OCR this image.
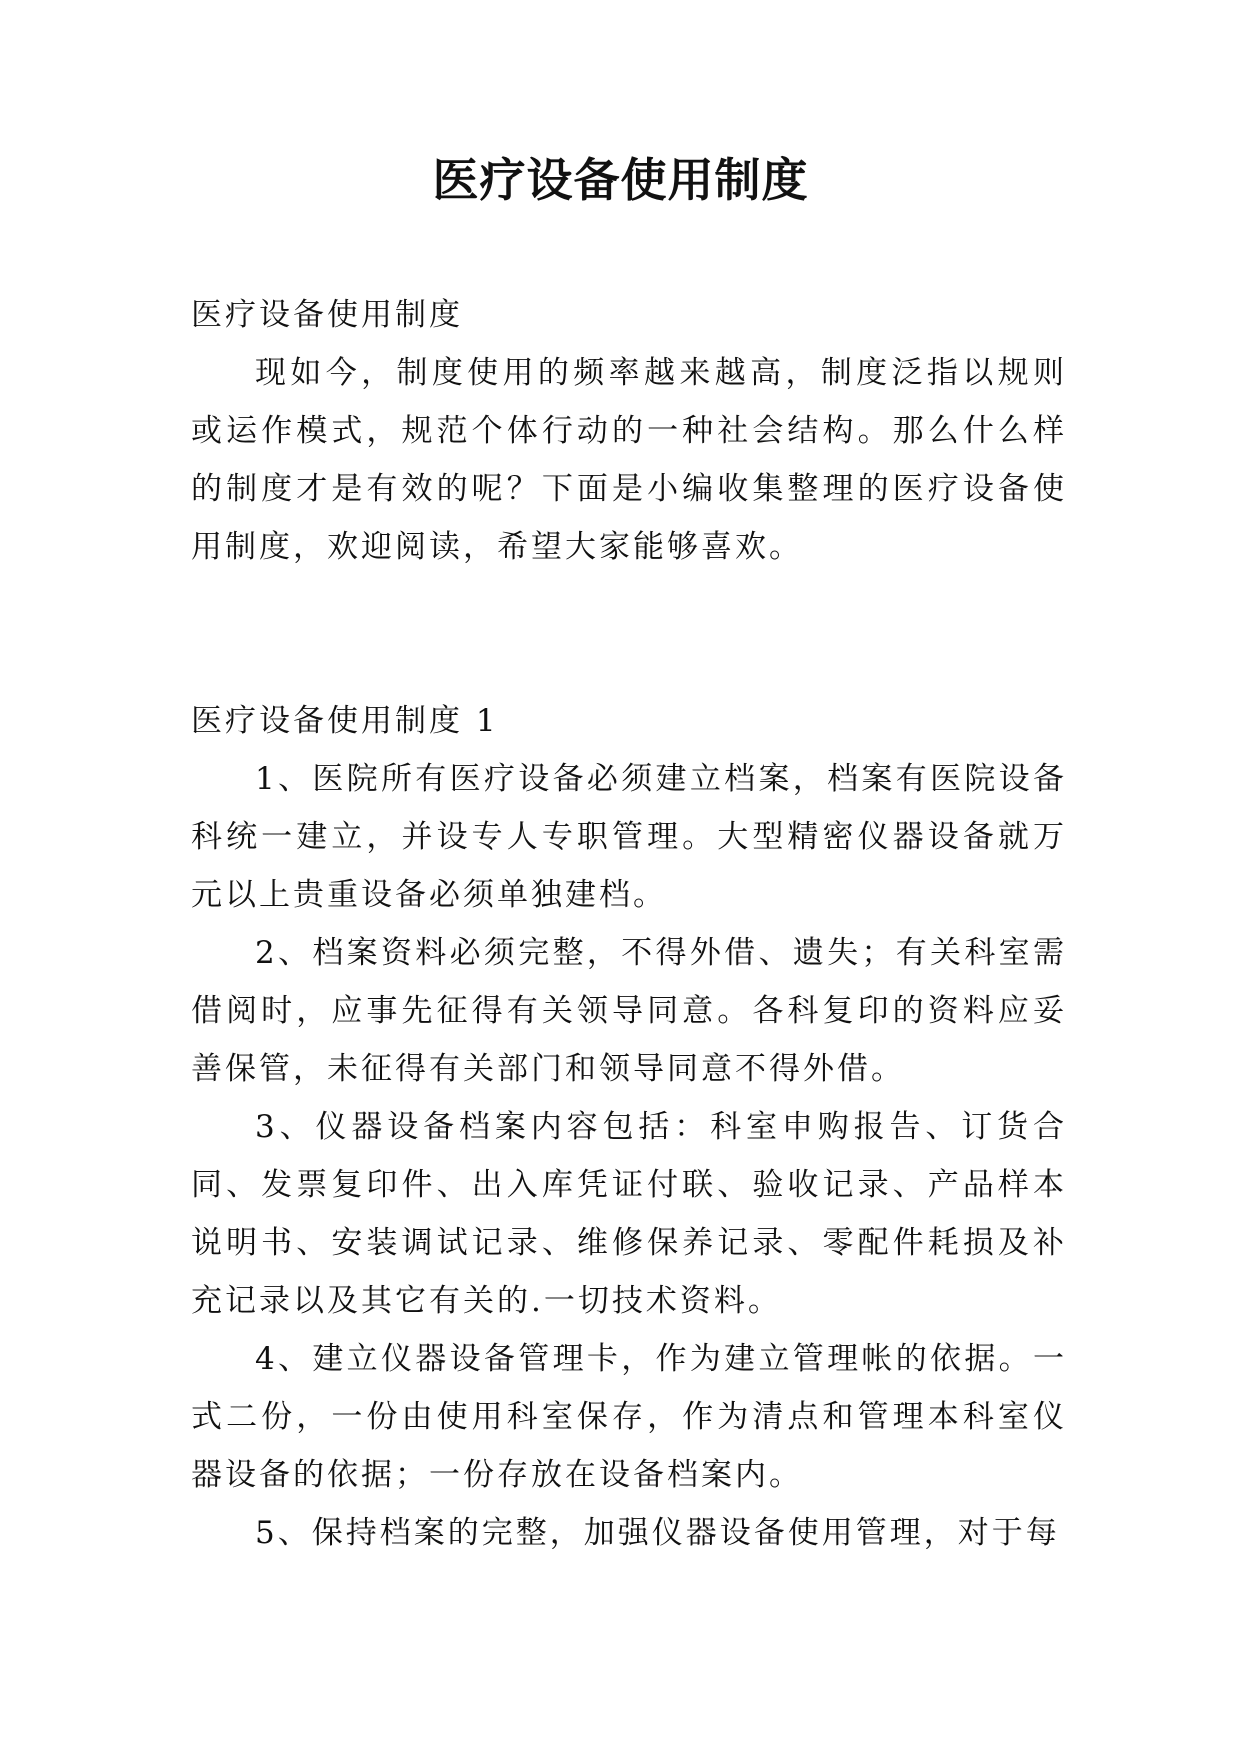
医疗设备使用制度

医疗设备使用制度

现如今，制度使用的频率越来越高，制度泛指以规则或运作模式，规范个体行动的一种社会结构。那么什么样的制度才是有效的呢？下面是小编收集整理的医疗设备使用制度，欢迎阅读，希望大家能够喜欢。

医疗设备使用制度 1

1、医院所有医疗设备必须建立档案，档案有医院设备科统一建立，并设专人专职管理。大型精密仪器设备就万元以上贵重设备必须单独建档。

2、档案资料必须完整，不得外借、遗失；有关科室需借阅时，应事先征得有关领导同意。各科复印的资料应妥善保管，未征得有关部门和领导同意不得外借。

3、仪器设备档案内容包括：科室申购报告、订货合同、发票复印件、出入库凭证付联、验收记录、产品样本说明书、安装调试记录、维修保养记录、零配件耗损及补充记录以及其它有关的.一切技术资料。

4、建立仪器设备管理卡，作为建立管理帐的依据。一式二份，一份由使用科室保存，作为清点和管理本科室仪器设备的依据；一份存放在设备档案内。

5、保持档案的完整，加强仪器设备使用管理，对于每
